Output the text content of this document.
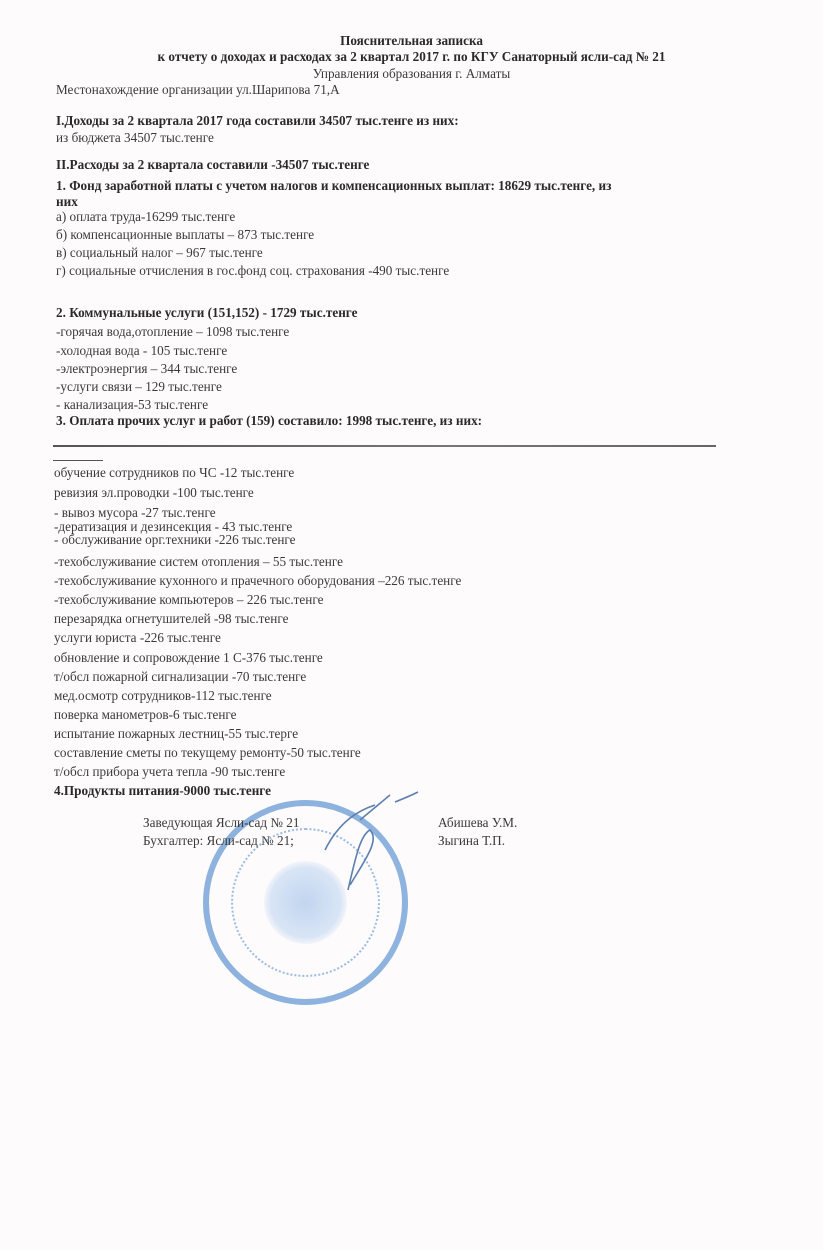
Пояснительная записка
к отчету о доходах и расходах за 2 квартал 2017 г. по КГУ Санаторный ясли-сад № 21
Управления образования г. Алматы
Местонахождение организации ул.Шарипова 71,А
I.Доходы за 2 квартала 2017 года составили 34507 тыс.тенге из них:
из бюджета 34507 тыс.тенге
II.Расходы за 2 квартала составили -34507 тыс.тенге
1. Фонд заработной платы с учетом налогов и компенсационных выплат: 18629 тыс.тенге, из
них
а) оплата труда-16299 тыс.тенге
б) компенсационные выплаты – 873 тыс.тенге
в) социальный налог – 967 тыс.тенге
г) социальные отчисления в гос.фонд соц. страхования -490 тыс.тенге
2. Коммунальные услуги (151,152) - 1729 тыс.тенге
-горячая вода,отопление – 1098 тыс.тенге
-холодная вода - 105 тыс.тенге
-электроэнергия – 344 тыс.тенге
-услуги связи – 129 тыс.тенге
- канализация-53 тыс.тенге
3. Оплата прочих услуг и работ (159) составило: 1998 тыс.тенге, из них:
обучение сотрудников по ЧС -12 тыс.тенге
ревизия эл.проводки -100 тыс.тенге
- вывоз мусора -27 тыс.тенге
-дератизация и дезинсекция - 43 тыс.тенге
- обслуживание орг.техники -226 тыс.тенге
-техобслуживание систем отопления – 55 тыс.тенге
-техобслуживание кухонного и прачечного оборудования –226 тыс.тенге
-техобслуживание компьютеров – 226 тыс.тенге
перезарядка огнетушителей -98 тыс.тенге
услуги юриста -226 тыс.тенге
обновление и сопровождение 1 С-376 тыс.тенге
т/обсл пожарной сигнализации -70 тыс.тенге
мед.осмотр сотрудников-112 тыс.тенге
поверка манометров-6 тыс.тенге
испытание пожарных лестниц-55 тыс.терге
составление сметы по текущему ремонту-50 тыс.тенге
т/обсл прибора учета тепла -90 тыс.тенге
4.Продукты питания-9000 тыс.тенге
Заведующая Ясли-сад № 21	Абишева У.М.
Бухгалтер: Ясли-сад № 21;	Зыгина Т.П.
